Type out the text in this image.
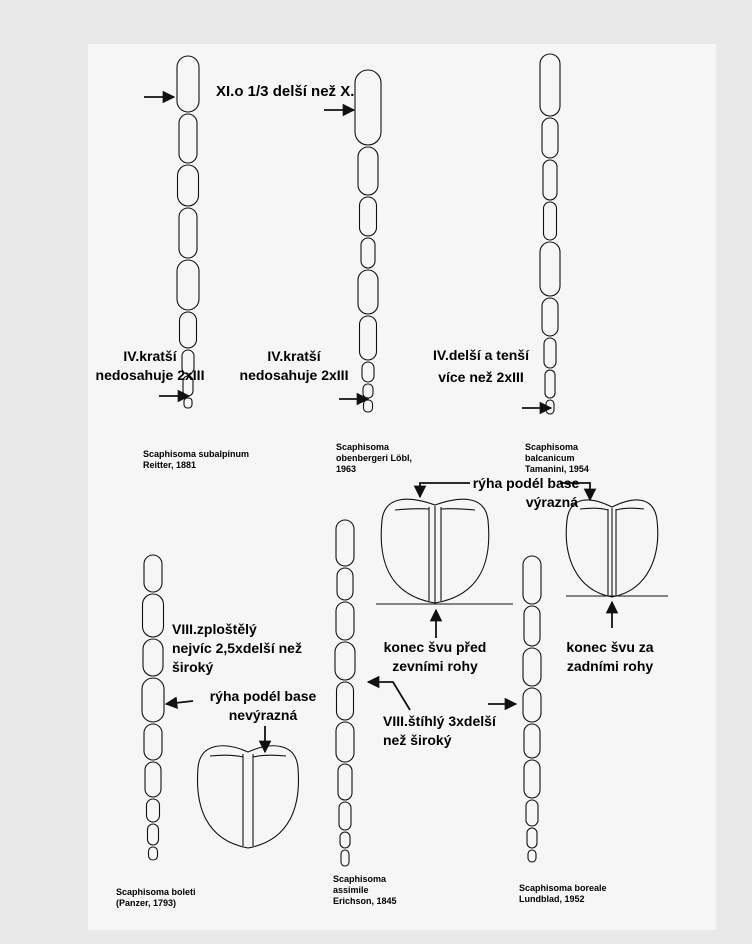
XI.o 1/3 delší než X.
IV.kratší
nedosahuje 2xIII
IV.kratší
nedosahuje 2xIII
IV.delší a tenší
více než 2xIII
rýha podél base
výrazná
konec švu před
zevními rohy
konec švu za
zadními rohy
VIII.zploštělý
nejvíc 2,5xdelší než
široký
rýha podél base
nevýrazná	VIII.štíhlý 3xdelší
než široký
Scaphisoma subalpinum
Reitter, 1881
Scaphisoma
obenbergeri Löbl,
1963
Scaphisoma
balcanicum
Tamanini, 1954
Scaphisoma boleti
(Panzer, 1793)
Scaphisoma
assimile
Erichson, 1845
Scaphisoma boreale
Lundblad, 1952
